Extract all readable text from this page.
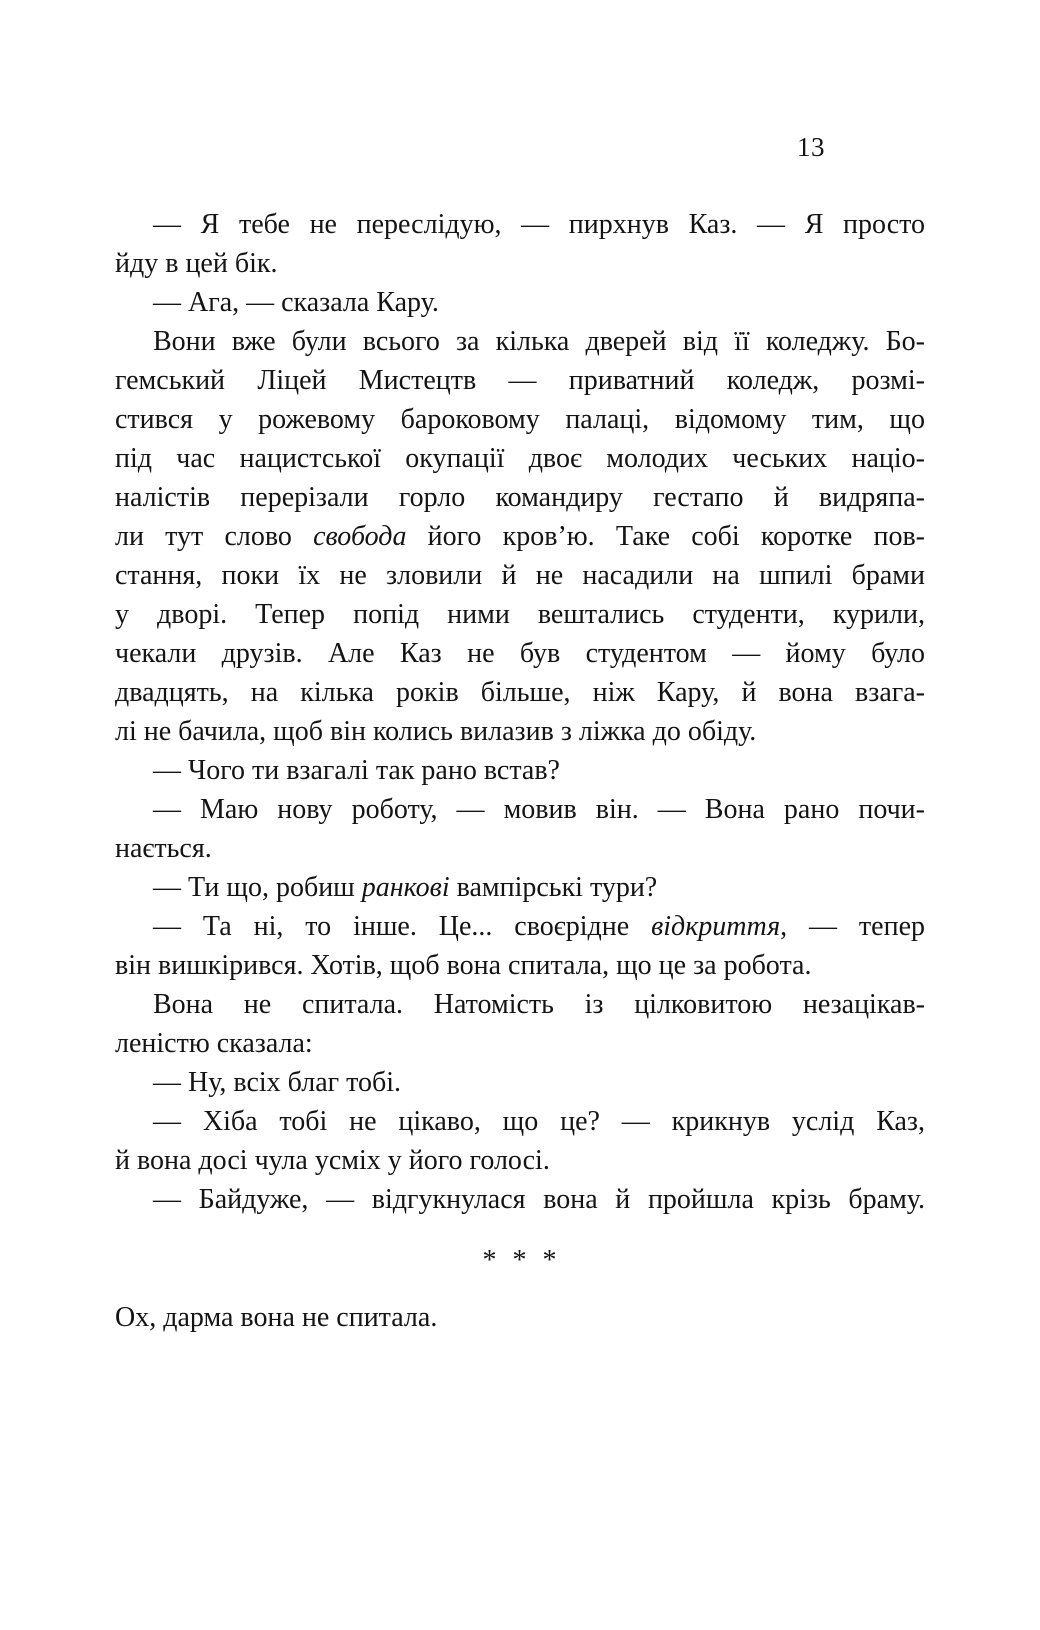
13
— Я тебе не переслідую, — пирхнув Каз. — Я просто
йду в цей бік.
— Ага, — сказала Кару.
Вони вже були всього за кілька дверей від її коледжу. Бо-
гемський Ліцей Мистецтв — приватний коледж, розмі-
стився у рожевому бароковому палаці, відомому тим, що
під час нацистської окупації двоє молодих чеських націо-
налістів перерізали горло командиру гестапо й видряпа-
ли тут слово свобода його кров’ю. Таке собі коротке пов-
стання, поки їх не зловили й не насадили на шпилі брами
у дворі. Тепер попід ними вештались студенти, курили,
чекали друзів. Але Каз не був студентом — йому було
двадцять, на кілька років більше, ніж Кару, й вона взага-
лі не бачила, щоб він колись вилазив з ліжка до обіду.
— Чого ти взагалі так рано встав?
— Маю нову роботу, — мовив він. — Вона рано почи-
нається.
— Ти що, робиш ранкові вампірські тури?
— Та ні, то інше. Це... своєрідне відкриття, — тепер
він вишкірився. Хотів, щоб вона спитала, що це за робота.
Вона не спитала. Натомість із цілковитою незацікав-
леністю сказала:
— Ну, всіх благ тобі.
— Хіба тобі не цікаво, що це? — крикнув услід Каз,
й вона досі чула усміх у його голосі.
— Байдуже, — відгукнулася вона й пройшла крізь браму.
* * *
Ох, дарма вона не спитала.
